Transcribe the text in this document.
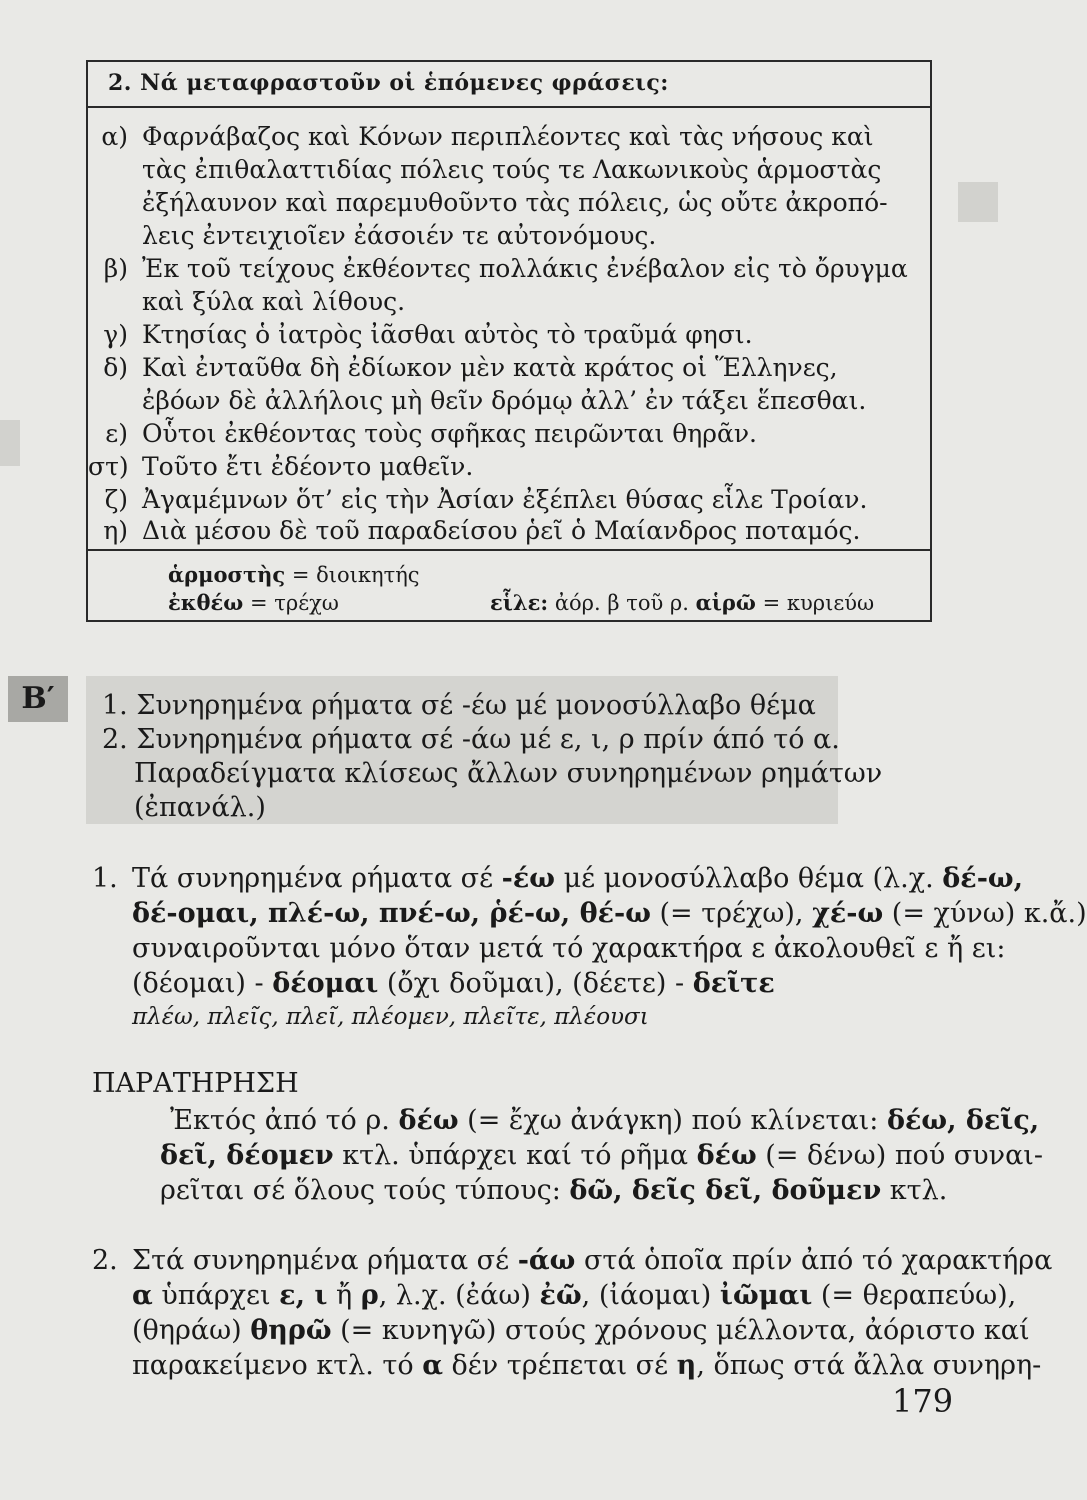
2. Νά μεταφραστοῦν οἱ ἑπόμενες φράσεις:
α) Φαρνάβαζος καὶ Κόνων περιπλέοντες καὶ τὰς νήσους καὶ
τὰς ἐπιθαλαττιδίας πόλεις τούς τε Λακωνικοὺς ἁρμοστὰς
ἐξήλαυνον καὶ παρεμυθοῦντο τὰς πόλεις, ὡς οὔτε ἀκροπό-
λεις ἐντειχιοῖεν ἐάσοιέν τε αὐτονόμους.
β) Ἐκ τοῦ τείχους ἐκθέοντες πολλάκις ἐνέβαλον εἰς τὸ ὄρυγμα
καὶ ξύλα καὶ λίθους.
γ) Κτησίας ὁ ἰατρὸς ἰᾶσθαι αὐτὸς τὸ τραῦμά φησι.
δ) Καὶ ἐνταῦθα δὴ ἐδίωκον μὲν κατὰ κράτος οἱ Ἕλληνες,
ἐβόων δὲ ἀλλήλοις μὴ θεῖν δρόμῳ ἀλλ’ ἐν τάξει ἕπεσθαι.
ε) Οὗτοι ἐκθέοντας τοὺς σφῆκας πειρῶνται θηρᾶν.
στ) Τοῦτο ἔτι ἐδέοντο μαθεῖν.
ζ) Ἀγαμέμνων ὅτ’ εἰς τὴν Ἀσίαν ἐξέπλει θύσας εἷλε Τροίαν.
η) Διὰ μέσου δὲ τοῦ παραδείσου ῥεῖ ὁ Μαίανδρος ποταμός.
ἁρμοστὴς = διοικητής
ἐκθέω = τρέχω	εἷλε: ἀόρ. β τοῦ ρ. αἱρῶ = κυριεύω
Β′	1. Συνηρημένα ρήματα σέ -έω μέ μονοσύλλαβο θέμα
2. Συνηρημένα ρήματα σέ -άω μέ ε, ι, ρ πρίν άπό τό α.
Παραδείγματα κλίσεως ἄλλων συνηρημένων ρημάτων
(ἐπανάλ.)
1. Τά συνηρημένα ρήματα σέ -έω μέ μονοσύλλαβο θέμα (λ.χ. δέ-ω,
δέ-ομαι, πλέ-ω, πνέ-ω, ῥέ-ω, θέ-ω (= τρέχω), χέ-ω (= χύνω) κ.ἄ.)
συναιροῦνται μόνο ὅταν μετά τό χαρακτήρα ε ἀκολουθεῖ ε ἤ ει:
(δέομαι) - δέομαι (ὄχι δοῦμαι), (δέετε) - δεῖτε
πλέω, πλεῖς, πλεῖ, πλέομεν, πλεῖτε, πλέουσι
ΠΑΡΑΤΗΡΗΣΗ
Ἐκτός ἀπό τό ρ. δέω (= ἔχω ἀνάγκη) πού κλίνεται: δέω, δεῖς,
δεῖ, δέομεν κτλ. ὑπάρχει καί τό ρῆμα δέω (= δένω) πού συναι-
ρεῖται σέ ὅλους τούς τύπους: δῶ, δεῖς δεῖ, δοῦμεν κτλ.
2. Στά συνηρημένα ρήματα σέ -άω στά ὁποῖα πρίν ἀπό τό χαρακτήρα
α ὑπάρχει ε, ι ἤ ρ, λ.χ. (ἐάω) ἐῶ, (ἰάομαι) ἰῶμαι (= θεραπεύω),
(θηράω) θηρῶ (= κυνηγῶ) στούς χρόνους μέλλοντα, ἀόριστο καί
παρακείμενο κτλ. τό α δέν τρέπεται σέ η, ὅπως στά ἄλλα συνηρη-
179
